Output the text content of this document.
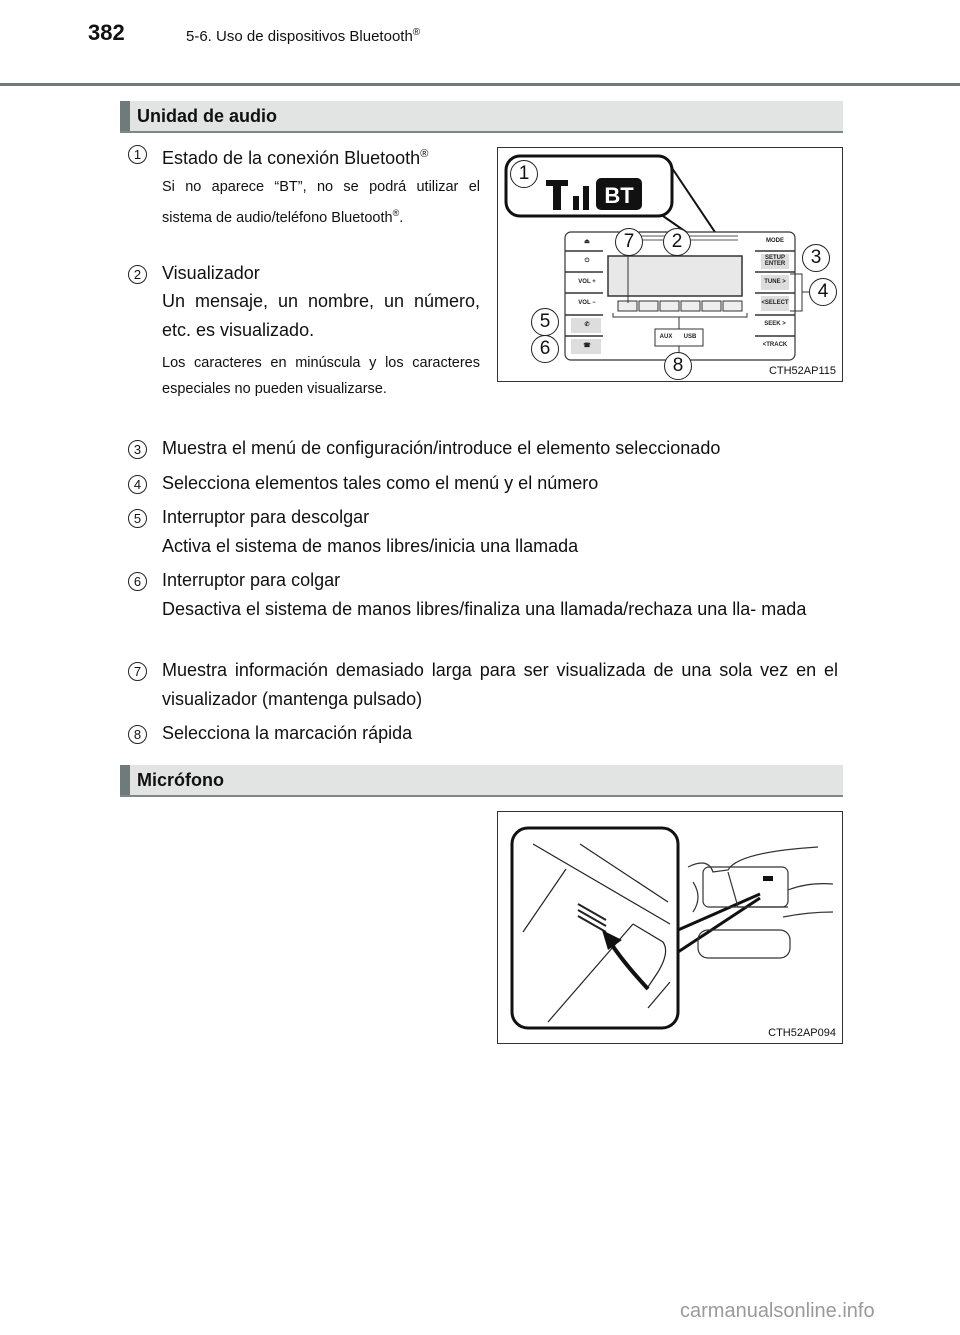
382	5-6. Uso de dispositivos Bluetooth®
Unidad de audio
1	Estado de la conexión Bluetooth®
Si no aparece “BT”, no se podrá utilizar el sistema de audio/teléfono Bluetooth®.
2	Visualizador
Un mensaje, un nombre, un número, etc. es visualizado.
Los caracteres en minúscula y los caracteres especiales no pueden visualizarse.
BT
⏏
⏻
VOL +
VOL −
✆
☎
MODE
SETUP ENTER
TUNE >
<SELECT
SEEK >
<TRACK
AUX	USB
1
2
3
4
5
6
7
8	CTH52AP115
3	Muestra el menú de configuración/introduce el elemento seleccionado
4	Selecciona elementos tales como el menú y el número
5	Interruptor para descolgar
Activa el sistema de manos libres/inicia una llamada
6	Interruptor para colgar
Desactiva el sistema de manos libres/finaliza una llamada/rechaza una lla- mada
7	Muestra información demasiado larga para ser visualizada de una sola vez en el visualizador (mantenga pulsado)
8	Selecciona la marcación rápida
Micrófono
CTH52AP094
carmanualsonline.info
